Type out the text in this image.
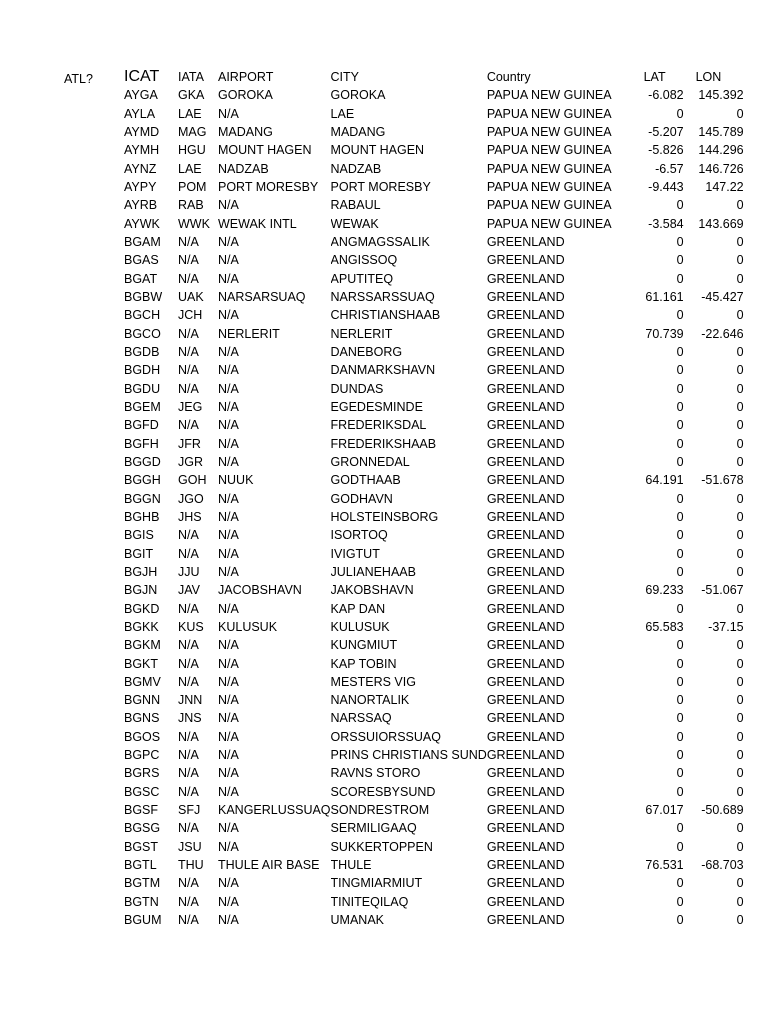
ATL? ICAT	IATA	AIRPORT	CITY	Country	LAT	LON
AYGA	GKA	GOROKA	GOROKA	PAPUA NEW GUINEA	-6.082	145.392
AYLA	LAE	N/A	LAE	PAPUA NEW GUINEA	0	0
AYMD	MAG	MADANG	MADANG	PAPUA NEW GUINEA	-5.207	145.789
AYMH	HGU	MOUNT HAGEN	MOUNT HAGEN	PAPUA NEW GUINEA	-5.826	144.296
AYNZ	LAE	NADZAB	NADZAB	PAPUA NEW GUINEA	-6.57	146.726
AYPY	POM	PORT MORESBY	PORT MORESBY	PAPUA NEW GUINEA	-9.443	147.22
AYRB	RAB	N/A	RABAUL	PAPUA NEW GUINEA	0	0
AYWK	WWK	WEWAK INTL	WEWAK	PAPUA NEW GUINEA	-3.584	143.669
BGAM	N/A	N/A	ANGMAGSSALIK	GREENLAND	0	0
BGAS	N/A	N/A	ANGISSOQ	GREENLAND	0	0
BGAT	N/A	N/A	APUTITEQ	GREENLAND	0	0
BGBW	UAK	NARSARSUAQ	NARSSARSSUAQ	GREENLAND	61.161	-45.427
BGCH	JCH	N/A	CHRISTIANSHAAB	GREENLAND	0	0
BGCO	N/A	NERLERIT	NERLERIT	GREENLAND	70.739	-22.646
BGDB	N/A	N/A	DANEBORG	GREENLAND	0	0
BGDH	N/A	N/A	DANMARKSHAVN	GREENLAND	0	0
BGDU	N/A	N/A	DUNDAS	GREENLAND	0	0
BGEM	JEG	N/A	EGEDESMINDE	GREENLAND	0	0
BGFD	N/A	N/A	FREDERIKSDAL	GREENLAND	0	0
BGFH	JFR	N/A	FREDERIKSHAAB	GREENLAND	0	0
BGGD	JGR	N/A	GRONNEDAL	GREENLAND	0	0
BGGH	GOH	NUUK	GODTHAAB	GREENLAND	64.191	-51.678
BGGN	JGO	N/A	GODHAVN	GREENLAND	0	0
BGHB	JHS	N/A	HOLSTEINSBORG	GREENLAND	0	0
BGIS	N/A	N/A	ISORTOQ	GREENLAND	0	0
BGIT	N/A	N/A	IVIGTUT	GREENLAND	0	0
BGJH	JJU	N/A	JULIANEHAAB	GREENLAND	0	0
BGJN	JAV	JACOBSHAVN	JAKOBSHAVN	GREENLAND	69.233	-51.067
BGKD	N/A	N/A	KAP DAN	GREENLAND	0	0
BGKK	KUS	KULUSUK	KULUSUK	GREENLAND	65.583	-37.15
BGKM	N/A	N/A	KUNGMIUT	GREENLAND	0	0
BGKT	N/A	N/A	KAP TOBIN	GREENLAND	0	0
BGMV	N/A	N/A	MESTERS VIG	GREENLAND	0	0
BGNN	JNN	N/A	NANORTALIK	GREENLAND	0	0
BGNS	JNS	N/A	NARSSAQ	GREENLAND	0	0
BGOS	N/A	N/A	ORSSUIORSSUAQ	GREENLAND	0	0
BGPC	N/A	N/A	PRINS CHRISTIANS SUND	GREENLAND	0	0
BGRS	N/A	N/A	RAVNS STORO	GREENLAND	0	0
BGSC	N/A	N/A	SCORESBYSUND	GREENLAND	0	0
BGSF	SFJ	KANGERLUSSUAQ	SONDRESTROM	GREENLAND	67.017	-50.689
BGSG	N/A	N/A	SERMILIGAAQ	GREENLAND	0	0
BGST	JSU	N/A	SUKKERTOPPEN	GREENLAND	0	0
BGTL	THU	THULE AIR BASE	THULE	GREENLAND	76.531	-68.703
BGTM	N/A	N/A	TINGMIARMIUT	GREENLAND	0	0
BGTN	N/A	N/A	TINITEQILAQ	GREENLAND	0	0
BGUM	N/A	N/A	UMANAK	GREENLAND	0	0
